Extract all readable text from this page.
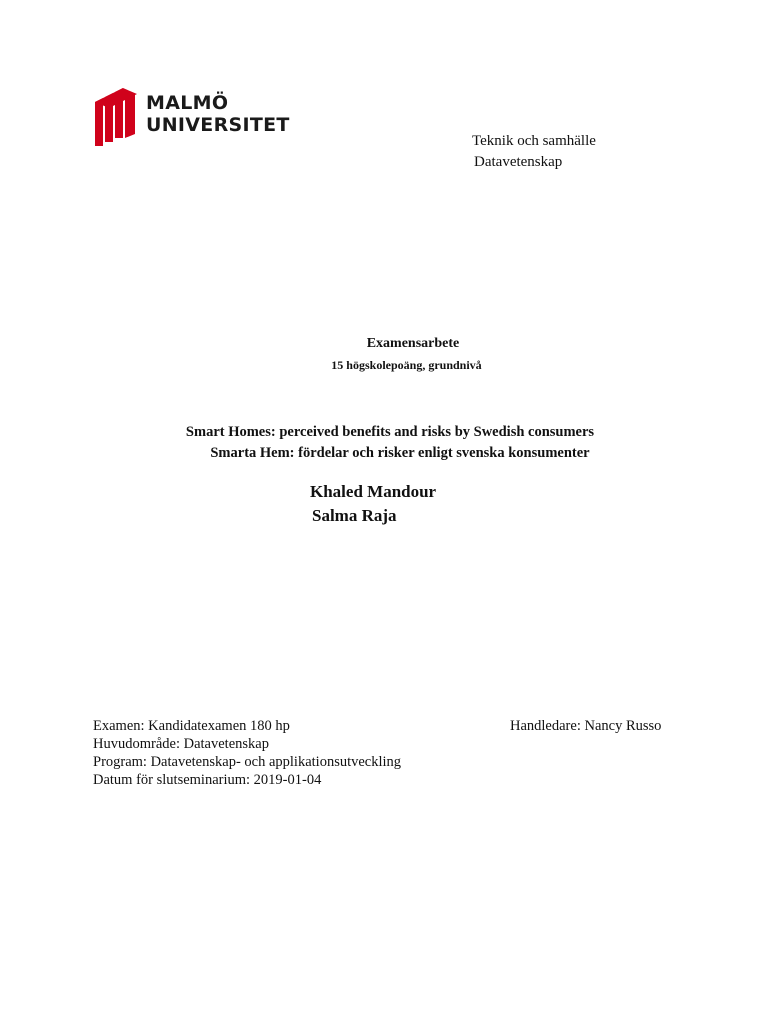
MALMÖ
UNIVERSITET
Teknik och samhälle
Datavetenskap
Examensarbete
15 högskolepoäng, grundnivå
Smart Homes: perceived benefits and risks by Swedish consumers
Smarta Hem: fördelar och risker enligt svenska konsumenter
Khaled Mandour
Salma Raja
Examen: Kandidatexamen 180 hp
Huvudområde: Datavetenskap
Program: Datavetenskap- och applikationsutveckling
Datum för slutseminarium: 2019-01-04
Handledare: Nancy Russo
